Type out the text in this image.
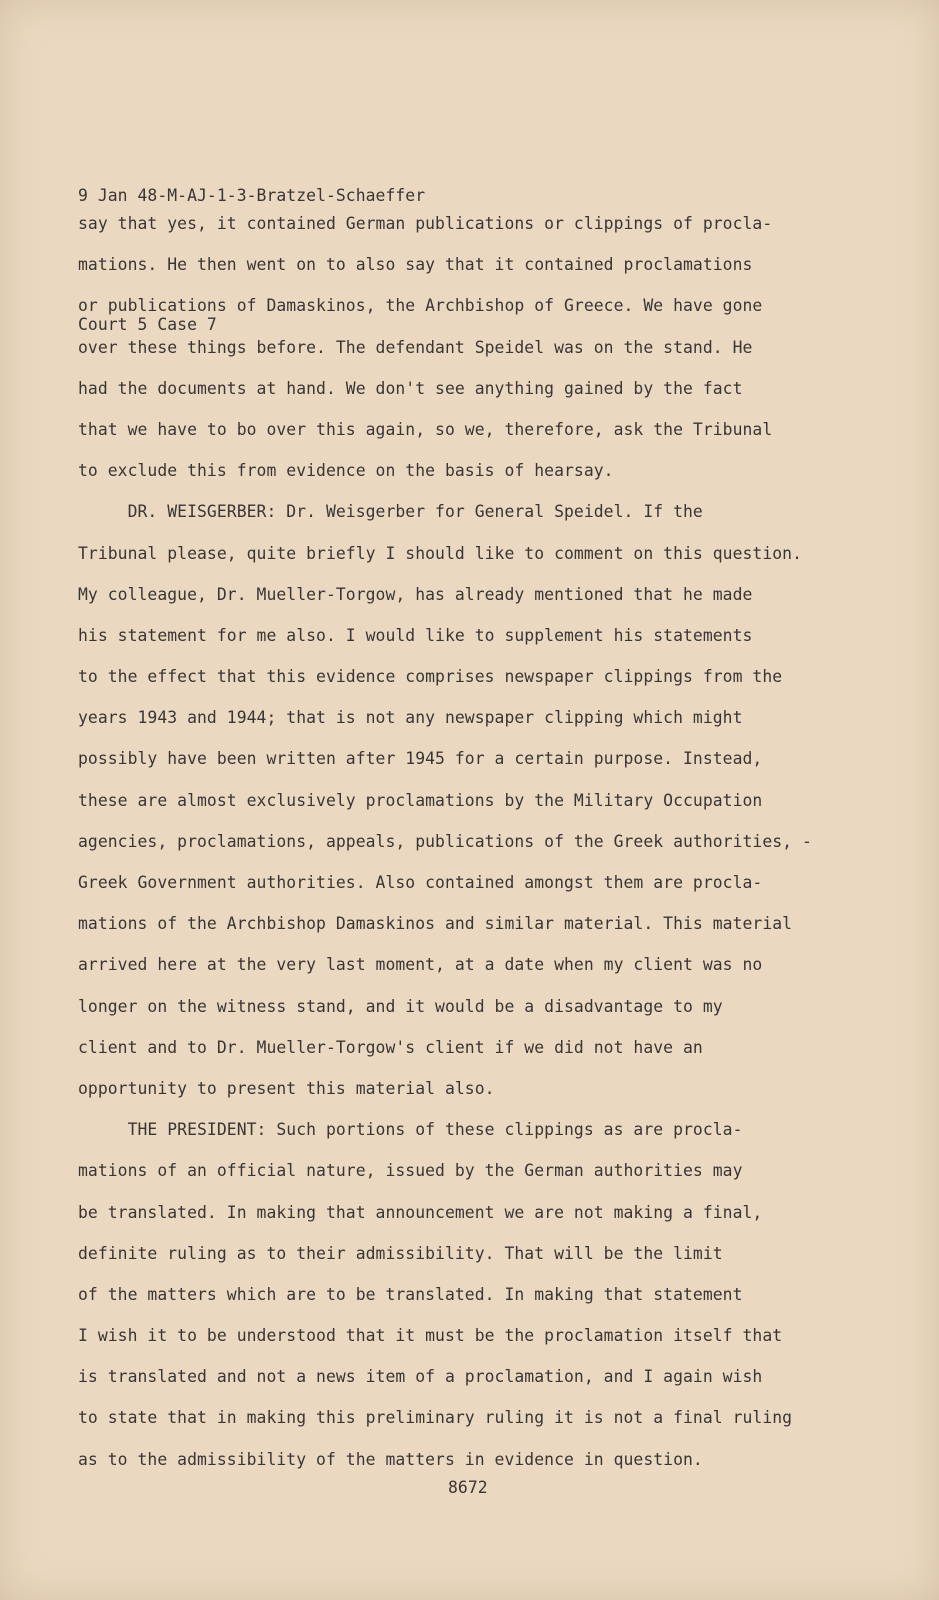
9 Jan 48-M-AJ-1-3-Bratzel-Schaeffer

Court 5 Case 7

say that yes, it contained German publications or clippings of procla-
mations. He then went on to also say that it contained proclamations
or publications of Damaskinos, the Archbishop of Greece. We have gone
over these things before. The defendant Speidel was on the stand. He
had the documents at hand. We don't see anything gained by the fact
that we have to bo over this again, so we, therefore, ask the Tribunal
to exclude this from evidence on the basis of hearsay.
DR. WEISGERBER: Dr. Weisgerber for General Speidel. If the
Tribunal please, quite briefly I should like to comment on this question.
My colleague, Dr. Mueller-Torgow, has already mentioned that he made
his statement for me also. I would like to supplement his statements
to the effect that this evidence comprises newspaper clippings from the
years 1943 and 1944; that is not any newspaper clipping which might
possibly have been written after 1945 for a certain purpose. Instead,
these are almost exclusively proclamations by the Military Occupation
agencies, proclamations, appeals, publications of the Greek authorities, -
Greek Government authorities. Also contained amongst them are procla-
mations of the Archbishop Damaskinos and similar material. This material
arrived here at the very last moment, at a date when my client was no
longer on the witness stand, and it would be a disadvantage to my
client and to Dr. Mueller-Torgow's client if we did not have an
opportunity to present this material also.
THE PRESIDENT: Such portions of these clippings as are procla-
mations of an official nature, issued by the German authorities may
be translated. In making that announcement we are not making a final,
definite ruling as to their admissibility. That will be the limit
of the matters which are to be translated. In making that statement
I wish it to be understood that it must be the proclamation itself that
is translated and not a news item of a proclamation, and I again wish
to state that in making this preliminary ruling it is not a final ruling
as to the admissibility of the matters in evidence in question.
8672
